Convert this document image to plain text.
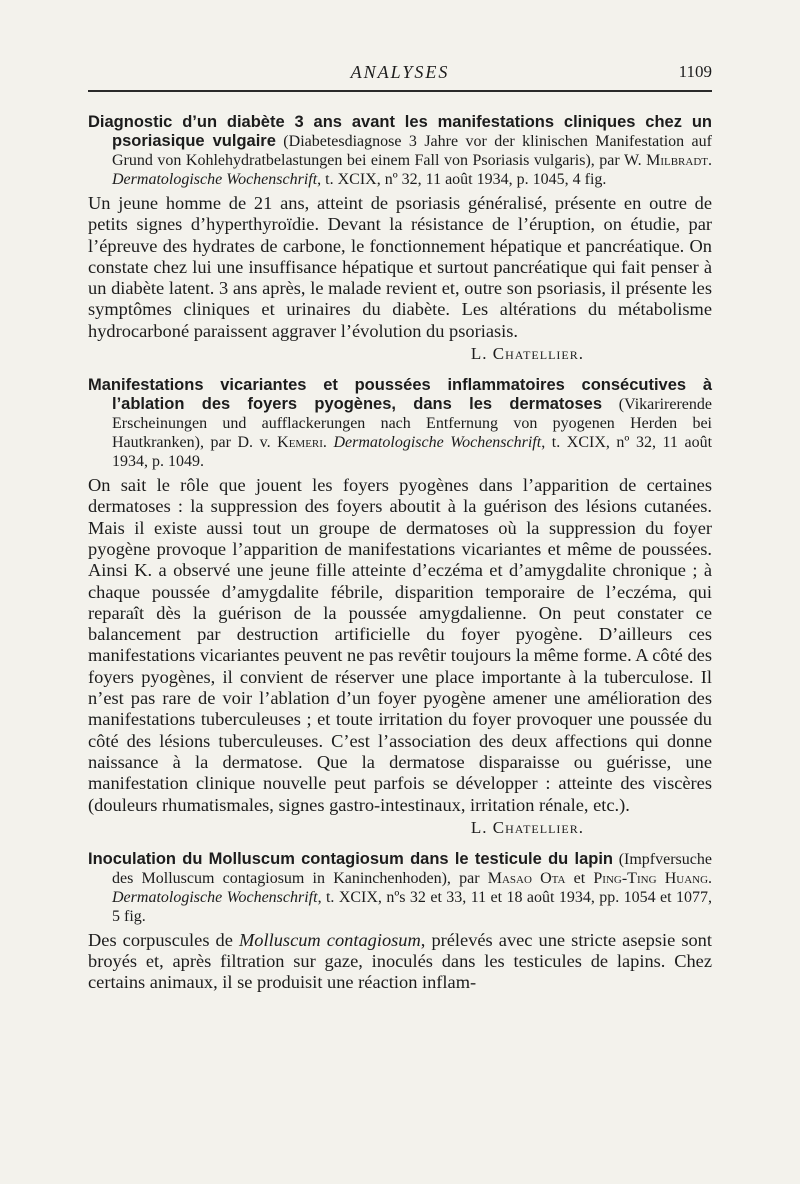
ANALYSES	1109

Diagnostic d’un diabète 3 ans avant les manifestations cliniques chez un psoriasique vulgaire (Diabetesdiagnose 3 Jahre vor der klinischen Manifestation auf Grund von Kohlehydratbelastungen bei einem Fall von Psoriasis vulgaris), par W. Milbradt. Dermatologische Wochenschrift, t. XCIX, nº 32, 11 août 1934, p. 1045, 4 fig.

Un jeune homme de 21 ans, atteint de psoriasis généralisé, présente en outre de petits signes d’hyperthyroïdie. Devant la résistance de l’éruption, on étudie, par l’épreuve des hydrates de carbone, le fonctionnement hépatique et pancréatique. On constate chez lui une insuffisance hépatique et surtout pancréatique qui fait penser à un diabète latent. 3 ans après, le malade revient et, outre son psoriasis, il présente les symptômes cliniques et urinaires du diabète. Les altérations du métabolisme hydrocarboné paraissent aggraver l’évolution du psoriasis.

L. Chatellier.

Manifestations vicariantes et poussées inflammatoires consécutives à l’ablation des foyers pyogènes, dans les dermatoses (Vikarirerende Erscheinungen und aufflackerungen nach Entfernung von pyogenen Herden bei Hautkranken), par D. v. Kemeri. Dermatologische Wochenschrift, t. XCIX, nº 32, 11 août 1934, p. 1049.

On sait le rôle que jouent les foyers pyogènes dans l’apparition de certaines dermatoses : la suppression des foyers aboutit à la guérison des lésions cutanées. Mais il existe aussi tout un groupe de dermatoses où la suppression du foyer pyogène provoque l’apparition de manifestations vicariantes et même de poussées. Ainsi K. a observé une jeune fille atteinte d’eczéma et d’amygdalite chronique ; à chaque poussée d’amygdalite fébrile, disparition temporaire de l’eczéma, qui reparaît dès la guérison de la poussée amygdalienne. On peut constater ce balancement par destruction artificielle du foyer pyogène. D’ailleurs ces manifestations vicariantes peuvent ne pas revêtir toujours la même forme. A côté des foyers pyogènes, il convient de réserver une place importante à la tuberculose. Il n’est pas rare de voir l’ablation d’un foyer pyogène amener une amélioration des manifestations tuberculeuses ; et toute irritation du foyer provoquer une poussée du côté des lésions tuberculeuses. C’est l’association des deux affections qui donne naissance à la dermatose. Que la dermatose disparaisse ou guérisse, une manifestation clinique nouvelle peut parfois se développer : atteinte des viscères (douleurs rhumatismales, signes gastro-intestinaux, irritation rénale, etc.).

L. Chatellier.

Inoculation du Molluscum contagiosum dans le testicule du lapin (Impfversuche des Molluscum contagiosum in Kaninchenhoden), par Masao Ota et Ping-Ting Huang. Dermatologische Wochenschrift, t. XCIX, nºs 32 et 33, 11 et 18 août 1934, pp. 1054 et 1077, 5 fig.

Des corpuscules de Molluscum contagiosum, prélevés avec une stricte asepsie sont broyés et, après filtration sur gaze, inoculés dans les testicules de lapins. Chez certains animaux, il se produisit une réaction inflam-
